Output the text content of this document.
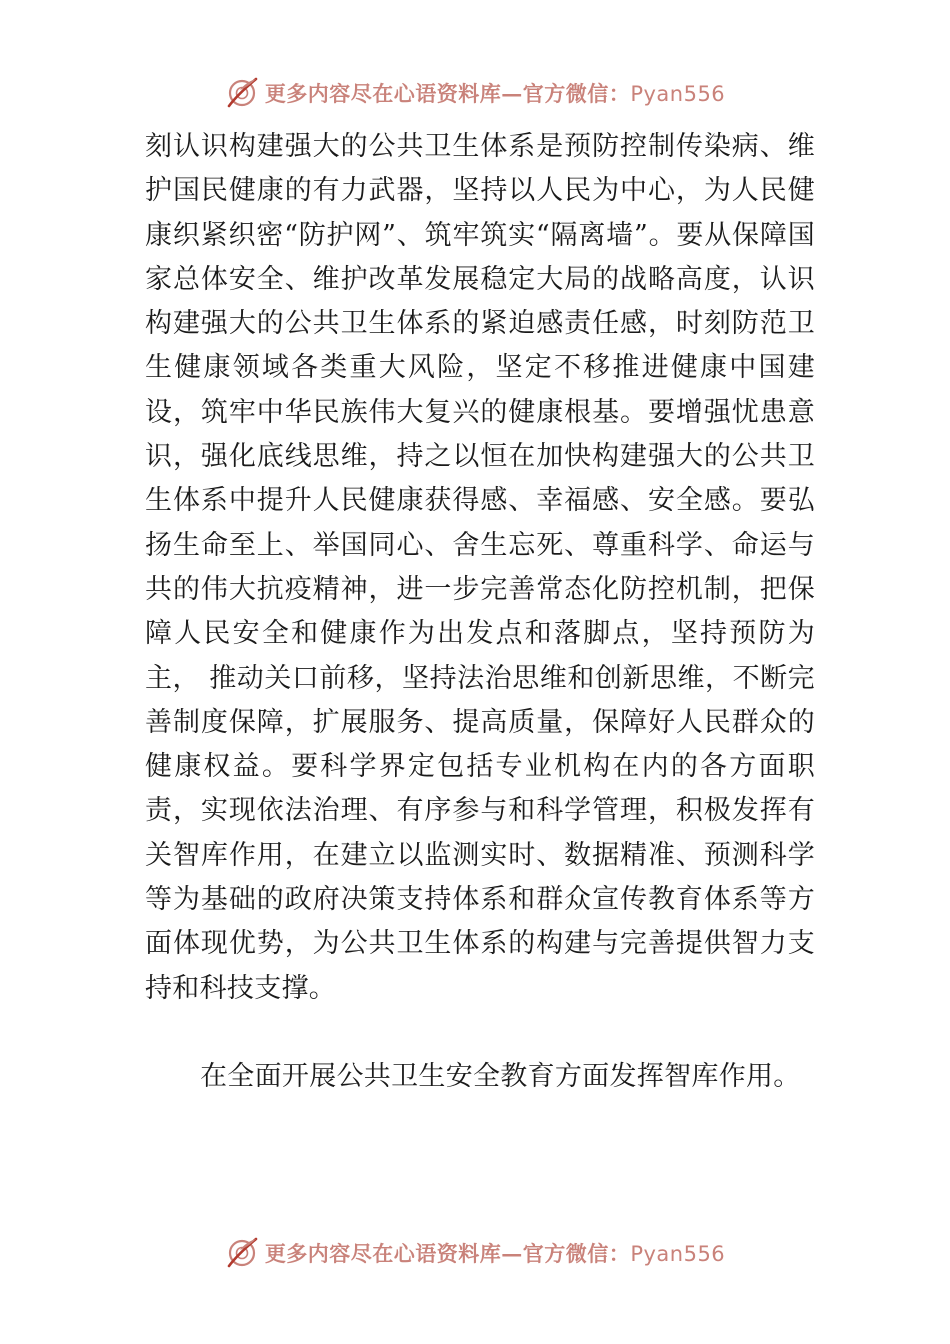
更多内容尽在心语资料库—官方微信：Pyan556

刻认识构建强大的公共卫生体系是预防控制传染病、维护国民健康的有力武器，坚持以人民为中心，为人民健康织紧织密“防护网”、筑牢筑实“隔离墙”。要从保障国家总体安全、维护改革发展稳定大局的战略高度，认识构建强大的公共卫生体系的紧迫感责任感，时刻防范卫生健康领域各类重大风险，坚定不移推进健康中国建设，筑牢中华民族伟大复兴的健康根基。要增强忧患意识，强化底线思维，持之以恒在加快构建强大的公共卫生体系中提升人民健康获得感、幸福感、安全感。要弘扬生命至上、举国同心、舍生忘死、尊重科学、命运与共的伟大抗疫精神，进一步完善常态化防控机制，把保障人民安全和健康作为出发点和落脚点，坚持预防为主， 推动关口前移，坚持法治思维和创新思维，不断完善制度保障，扩展服务、提高质量，保障好人民群众的健康权益。要科学界定包括专业机构在内的各方面职责，实现依法治理、有序参与和科学管理，积极发挥有关智库作用，在建立以监测实时、数据精准、预测科学等为基础的政府决策支持体系和群众宣传教育体系等方面体现优势，为公共卫生体系的构建与完善提供智力支持和科技支撑。

在全面开展公共卫生安全教育方面发挥智库作用。

更多内容尽在心语资料库—官方微信：Pyan556
